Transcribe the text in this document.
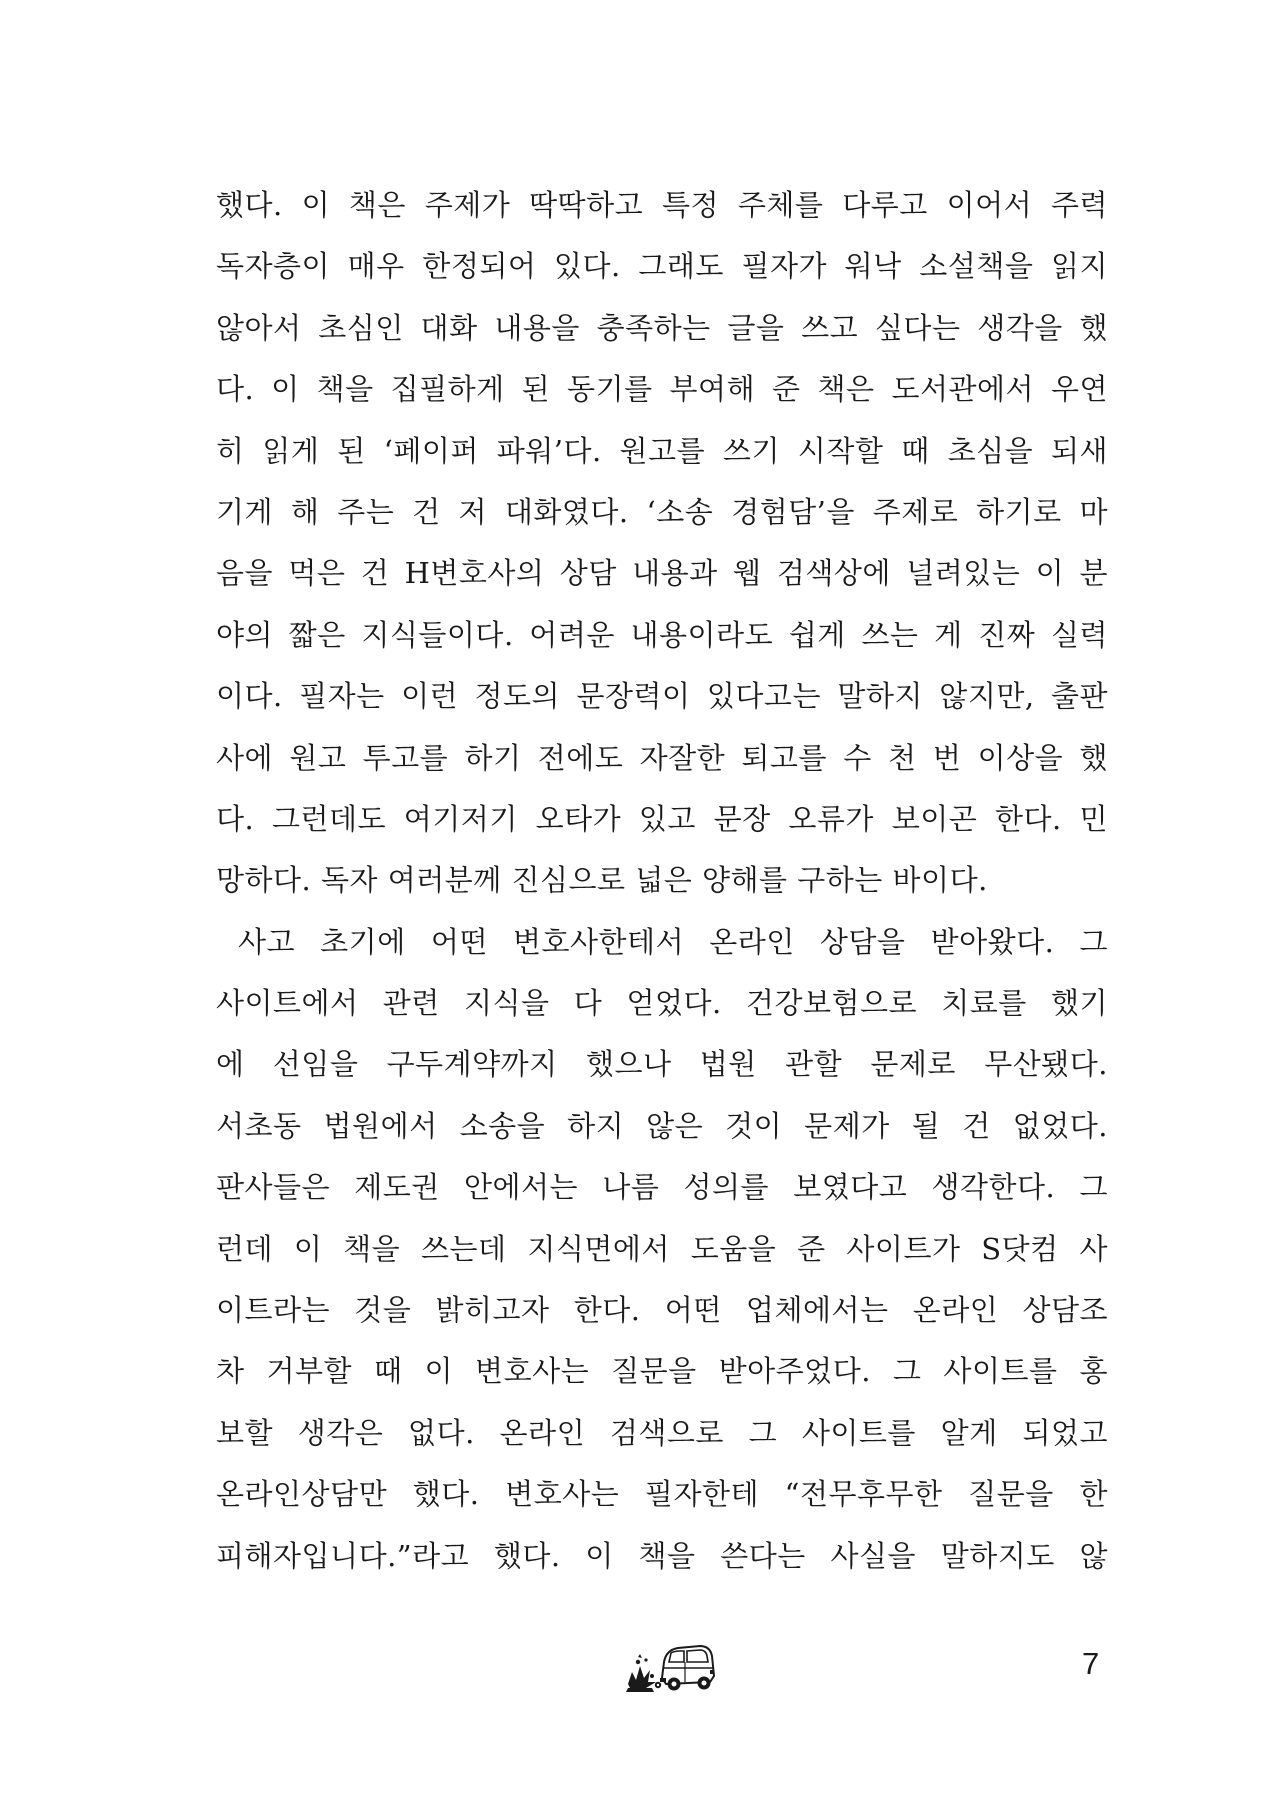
했다. 이 책은 주제가 딱딱하고 특정 주체를 다루고 이어서 주력
독자층이 매우 한정되어 있다. 그래도 필자가 워낙 소설책을 읽지
않아서 초심인 대화 내용을 충족하는 글을 쓰고 싶다는 생각을 했
다. 이 책을 집필하게 된 동기를 부여해 준 책은 도서관에서 우연
히 읽게 된 ‘페이퍼 파워’다. 원고를 쓰기 시작할 때 초심을 되새
기게 해 주는 건 저 대화였다. ‘소송 경험담’을 주제로 하기로 마
음을 먹은 건 H변호사의 상담 내용과 웹 검색상에 널려있는 이 분
야의 짧은 지식들이다. 어려운 내용이라도 쉽게 쓰는 게 진짜 실력
이다. 필자는 이런 정도의 문장력이 있다고는 말하지 않지만, 출판
사에 원고 투고를 하기 전에도 자잘한 퇴고를 수 천 번 이상을 했
다. 그런데도 여기저기 오타가 있고 문장 오류가 보이곤 한다. 민
망하다. 독자 여러분께 진심으로 넓은 양해를 구하는 바이다.
사고 초기에 어떤 변호사한테서 온라인 상담을 받아왔다. 그
사이트에서 관련 지식을 다 얻었다. 건강보험으로 치료를 했기
에 선임을 구두계약까지 했으나 법원 관할 문제로 무산됐다.
서초동 법원에서 소송을 하지 않은 것이 문제가 될 건 없었다.
판사들은 제도권 안에서는 나름 성의를 보였다고 생각한다. 그
런데 이 책을 쓰는데 지식면에서 도움을 준 사이트가 S닷컴 사
이트라는 것을 밝히고자 한다. 어떤 업체에서는 온라인 상담조
차 거부할 때 이 변호사는 질문을 받아주었다. 그 사이트를 홍
보할 생각은 없다. 온라인 검색으로 그 사이트를 알게 되었고
온라인상담만 했다. 변호사는 필자한테 “전무후무한 질문을 한
피해자입니다.”라고 했다. 이 책을 쓴다는 사실을 말하지도 않
7
